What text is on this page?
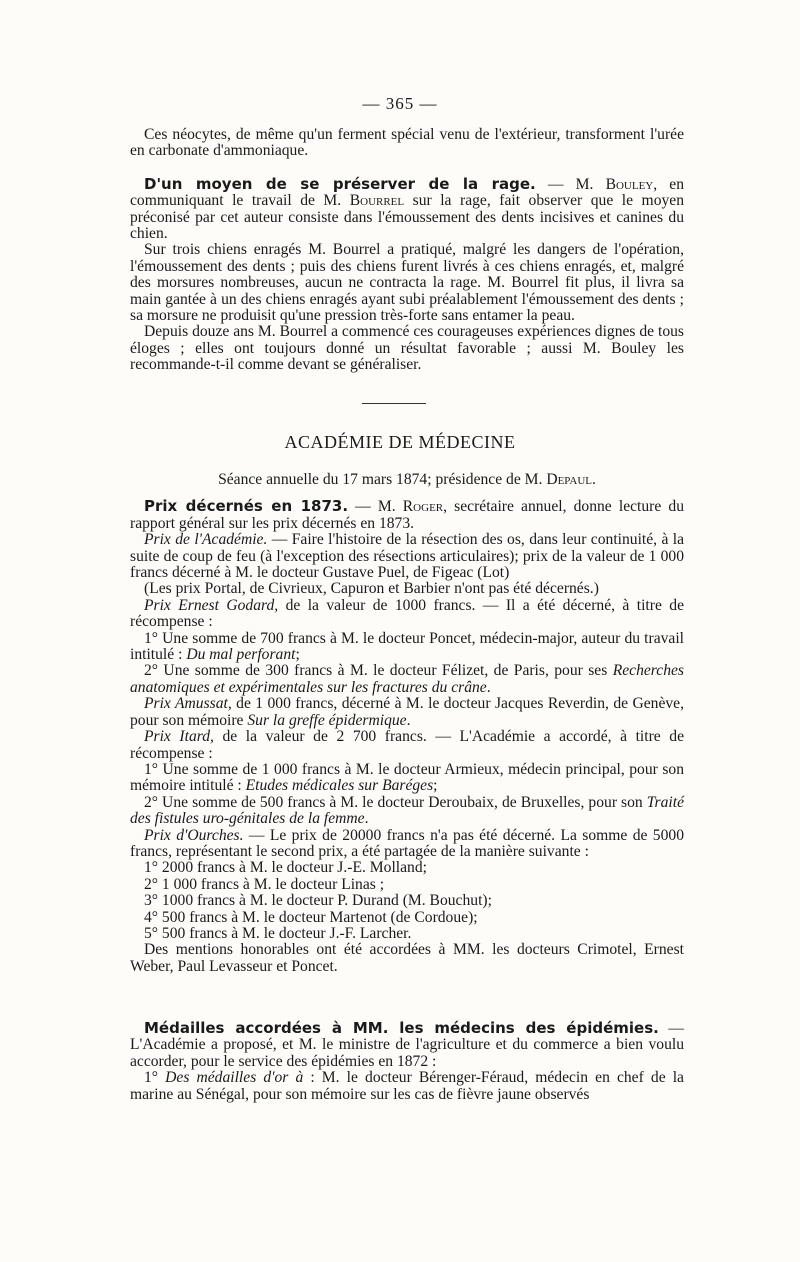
— 365 —

Ces néocytes, de même qu'un ferment spécial venu de l'extérieur, transforment l'urée en carbonate d'ammoniaque.

D'un moyen de se préserver de la rage. — M. Bouley, en communiquant le travail de M. Bourrel sur la rage, fait observer que le moyen préconisé par cet auteur consiste dans l'émoussement des dents incisives et canines du chien.

Sur trois chiens enragés M. Bourrel a pratiqué, malgré les dangers de l'opération, l'émoussement des dents ; puis des chiens furent livrés à ces chiens enragés, et, malgré des morsures nombreuses, aucun ne contracta la rage. M. Bourrel fit plus, il livra sa main gantée à un des chiens enragés ayant subi préalablement l'émoussement des dents ; sa morsure ne produisit qu'une pression très-forte sans entamer la peau.

Depuis douze ans M. Bourrel a commencé ces courageuses expériences dignes de tous éloges ; elles ont toujours donné un résultat favorable ; aussi M. Bouley les recommande-t-il comme devant se généraliser.

ACADÉMIE DE MÉDECINE

Séance annuelle du 17 mars 1874; présidence de M. Depaul.

Prix décernés en 1873. — M. Roger, secrétaire annuel, donne lecture du rapport général sur les prix décernés en 1873.

Prix de l'Académie. — Faire l'histoire de la résection des os, dans leur continuité, à la suite de coup de feu (à l'exception des résections articulaires); prix de la valeur de 1 000 francs décerné à M. le docteur Gustave Puel, de Figeac (Lot)

(Les prix Portal, de Civrieux, Capuron et Barbier n'ont pas été décernés.)

Prix Ernest Godard, de la valeur de 1000 francs. — Il a été décerné, à titre de récompense :

1° Une somme de 700 francs à M. le docteur Poncet, médecin-major, auteur du travail intitulé : Du mal perforant;

2° Une somme de 300 francs à M. le docteur Félizet, de Paris, pour ses Recherches anatomiques et expérimentales sur les fractures du crâne.

Prix Amussat, de 1 000 francs, décerné à M. le docteur Jacques Reverdin, de Genève, pour son mémoire Sur la greffe épidermique.

Prix Itard, de la valeur de 2 700 francs. — L'Académie a accordé, à titre de récompense :

1° Une somme de 1 000 francs à M. le docteur Armieux, médecin principal, pour son mémoire intitulé : Etudes médicales sur Baréges;

2° Une somme de 500 francs à M. le docteur Deroubaix, de Bruxelles, pour son Traité des fistules uro-génitales de la femme.

Prix d'Ourches. — Le prix de 20000 francs n'a pas été décerné. La somme de 5000 francs, représentant le second prix, a été partagée de la manière suivante :

1° 2000 francs à M. le docteur J.-E. Molland;

2° 1 000 francs à M. le docteur Linas ;

3° 1000 francs à M. le docteur P. Durand (M. Bouchut);

4° 500 francs à M. le docteur Martenot (de Cordoue);

5° 500 francs à M. le docteur J.-F. Larcher.

Des mentions honorables ont été accordées à MM. les docteurs Crimotel, Ernest Weber, Paul Levasseur et Poncet.

Médailles accordées à MM. les médecins des épidémies. — L'Académie a proposé, et M. le ministre de l'agriculture et du commerce a bien voulu accorder, pour le service des épidémies en 1872 :

1° Des médailles d'or à : M. le docteur Bérenger-Féraud, médecin en chef de la marine au Sénégal, pour son mémoire sur les cas de fièvre jaune observés
